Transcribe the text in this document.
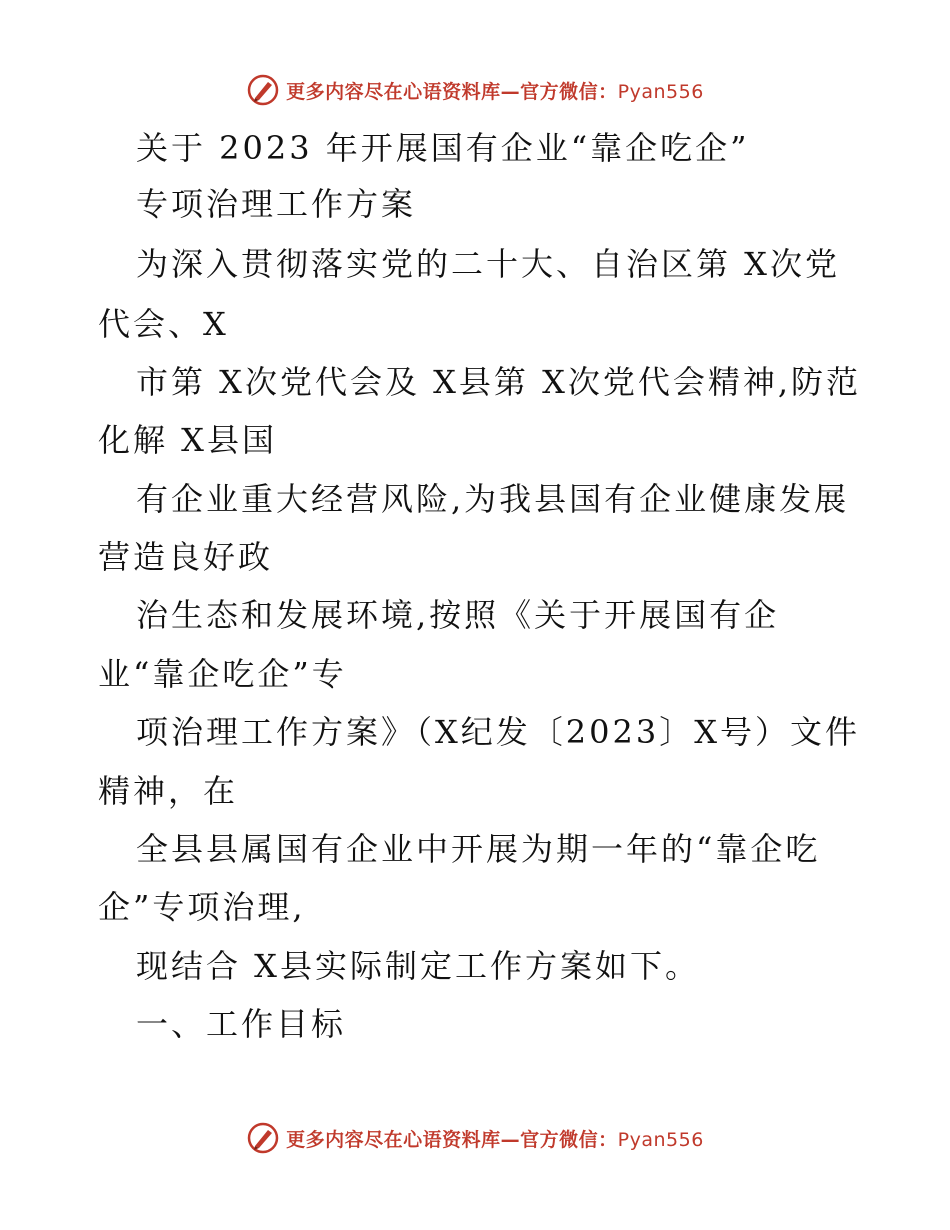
更多内容尽在心语资料库—官方微信：Pyan556
关于 2023 年开展国有企业“靠企吃企”
专项治理工作方案
为深入贯彻落实党的二十大、自治区第 X次党
代会、X
市第 X次党代会及 X县第 X次党代会精神,防范
化解 X县国
有企业重大经营风险,为我县国有企业健康发展
营造良好政
治生态和发展环境,按照《关于开展国有企
业“靠企吃企”专
项治理工作方案》（X纪发〔2023〕X号）文件
精神，在
全县县属国有企业中开展为期一年的“靠企吃
企”专项治理,
现结合 X县实际制定工作方案如下。
一、工作目标
更多内容尽在心语资料库—官方微信：Pyan556
